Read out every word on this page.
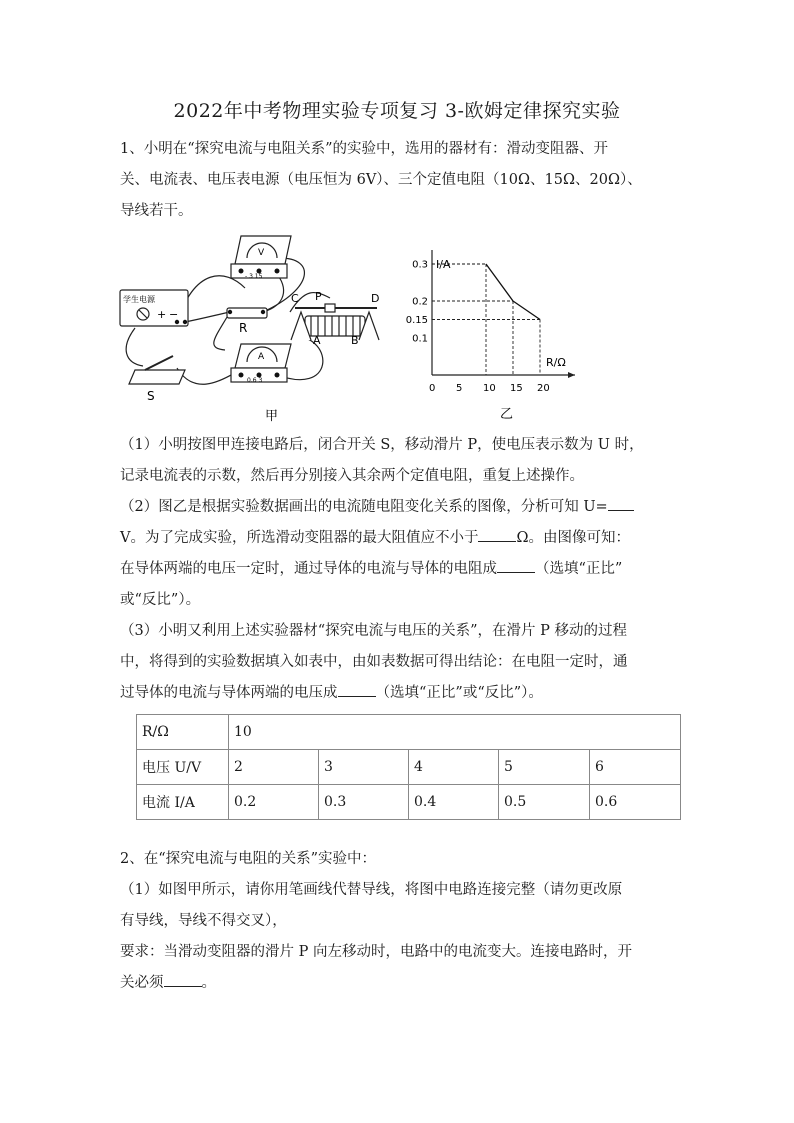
2022年中考物理实验专项复习 3-欧姆定律探究实验
1、小明在“探究电流与电阻关系”的实验中，选用的器材有：滑动变阻器、开
关、电流表、电压表电源（电压恒为 6V）、三个定值电阻（10Ω、15Ω、20Ω）、
导线若干。
学生电源
+ −
V
- 3 15
A
0.6 3
R
S
C P	D
A	B
甲
0 5 10 15 20
0.1
0.15
0.2
0.3 I/A
R/Ω
乙
（1）小明按图甲连接电路后，闭合开关 S，移动滑片 P，使电压表示数为 U 时，
记录电流表的示数，然后再分别接入其余两个定值电阻，重复上述操作。
（2）图乙是根据实验数据画出的电流随电阻变化关系的图像，分析可知 U=
V。为了完成实验，所选滑动变阻器的最大阻值应不小于	Ω。由图像可知：
在导体两端的电压一定时，通过导体的电流与导体的电阻成	（选填“正比”
或“反比”）。
（3）小明又利用上述实验器材“探究电流与电压的关系”，在滑片 P 移动的过程
中，将得到的实验数据填入如表中，由如表数据可得出结论：在电阻一定时，通
过导体的电流与导体两端的电压成	（选填“正比”或“反比”）。
R/Ω	10				
电压 U/V	2	3	4	5	6
电流 I/A	0.2	0.3	0.4	0.5	0.6
2、在“探究电流与电阻的关系”实验中：
（1）如图甲所示，请你用笔画线代替导线，将图中电路连接完整（请勿更改原
有导线，导线不得交叉），
要求：当滑动变阻器的滑片 P 向左移动时，电路中的电流变大。连接电路时，开
关必须	。
